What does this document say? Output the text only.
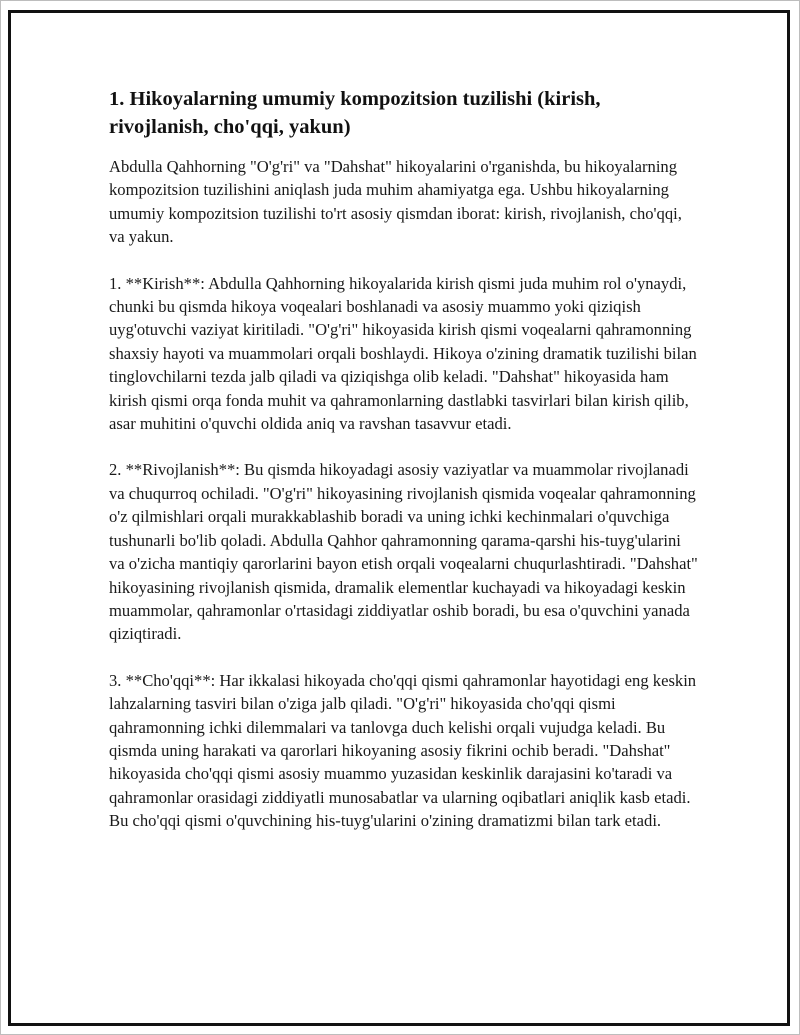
1. Hikoyalarning umumiy kompozitsion tuzilishi (kirish, rivojlanish, cho'qqi, yakun)

Abdulla Qahhorning "O'g'ri" va "Dahshat" hikoyalarini o'rganishda, bu hikoyalarning kompozitsion tuzilishini aniqlash juda muhim ahamiyatga ega. Ushbu hikoyalarning umumiy kompozitsion tuzilishi to'rt asosiy qismdan iborat: kirish, rivojlanish, cho'qqi, va yakun.

1. **Kirish**: Abdulla Qahhorning hikoyalarida kirish qismi juda muhim rol o'ynaydi, chunki bu qismda hikoya voqealari boshlanadi va asosiy muammo yoki qiziqish uyg'otuvchi vaziyat kiritiladi. "O'g'ri" hikoyasida kirish qismi voqealarni qahramonning shaxsiy hayoti va muammolari orqali boshlaydi. Hikoya o'zining dramatik tuzilishi bilan tinglovchilarni tezda jalb qiladi va qiziqishga olib keladi. "Dahshat" hikoyasida ham kirish qismi orqa fonda muhit va qahramonlarning dastlabki tasvirlari bilan kirish qilib, asar muhitini o'quvchi oldida aniq va ravshan tasavvur etadi.

2. **Rivojlanish**: Bu qismda hikoyadagi asosiy vaziyatlar va muammolar rivojlanadi va chuqurroq ochiladi. "O'g'ri" hikoyasining rivojlanish qismida voqealar qahramonning o'z qilmishlari orqali murakkablashib boradi va uning ichki kechinmalari o'quvchiga tushunarli bo'lib qoladi. Abdulla Qahhor qahramonning qarama-qarshi his-tuyg'ularini va o'zicha mantiqiy qarorlarini bayon etish orqali voqealarni chuqurlashtiradi. "Dahshat" hikoyasining rivojlanish qismida, dramalik elementlar kuchayadi va hikoyadagi keskin muammolar, qahramonlar o'rtasidagi ziddiyatlar oshib boradi, bu esa o'quvchini yanada qiziqtiradi.

3. **Cho'qqi**: Har ikkalasi hikoyada cho'qqi qismi qahramonlar hayotidagi eng keskin lahzalarning tasviri bilan o'ziga jalb qiladi. "O'g'ri" hikoyasida cho'qqi qismi qahramonning ichki dilemmalari va tanlovga duch kelishi orqali vujudga keladi. Bu qismda uning harakati va qarorlari hikoyaning asosiy fikrini ochib beradi. "Dahshat" hikoyasida cho'qqi qismi asosiy muammo yuzasidan keskinlik darajasini ko'taradi va qahramonlar orasidagi ziddiyatli munosabatlar va ularning oqibatlari aniqlik kasb etadi. Bu cho'qqi qismi o'quvchining his-tuyg'ularini o'zining dramatizmi bilan tark etadi.
